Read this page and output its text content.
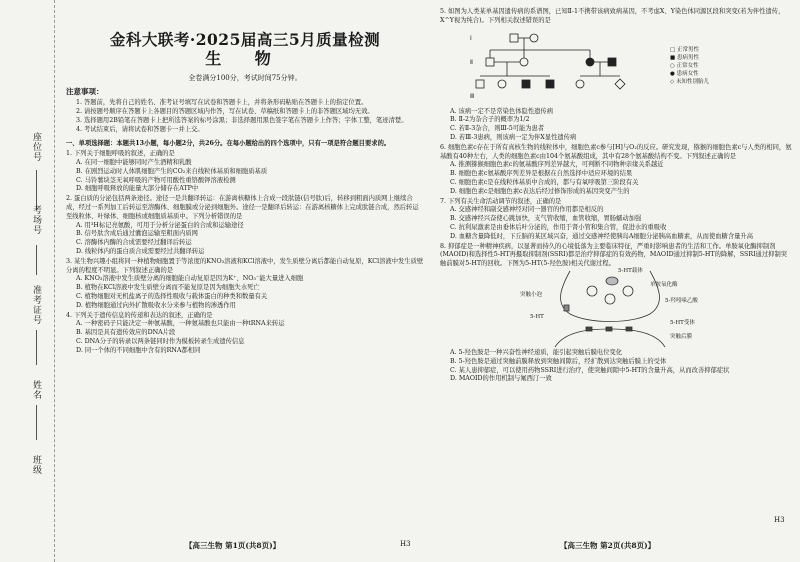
座位号
考场号
准考证号
姓名
班级
金科大联考·2025届高三5月质量检测
生 物
全卷满分100分，考试时间75分钟。
注意事项：

1. 答题前，先将自己的姓名、准考证号填写在试卷和答题卡上，并将条形码粘贴在答题卡上的指定位置。

2. 请按题号顺序在答题卡上各题目的答题区域内作答，写在试卷、草稿纸和答题卡上的非答题区域均无效。

3. 选择题用2B铅笔在答题卡上把所选答案的标号涂黑；非选择题用黑色签字笔在答题卡上作答；字体工整，笔迹清楚。

4. 考试结束后，请将试卷和答题卡一并上交。

一、单项选择题：本题共13小题，每小题2分，共26分。在每小题给出的四个选项中，只有一项是符合题目要求的。

1. 下列关于细胞呼吸的叙述，正确的是

A. 在同一细胞中能够同时产生酒精和乳酸

B. 在剧烈运动时人体肌细胞产生的CO₂来自线粒体基质和细胞质基质

C. 马铃薯块茎无氧呼吸的产物可用酸性重铬酸钾溶液检测

D. 细胞呼吸释放的能量大部分储存在ATP中

2. 蛋白质的分泌包括两条途径。途径一是共翻译转运：在游离核糖体上合成一段肽链(信号肽)后，转移到粗面内质网上继续合成，经过一系列加工后转运至溶酶体、细胞膜或分泌到细胞外。途径一是翻译后转运：在游离核糖体上完成肽链合成，然后转运至线粒体、叶绿体、细胞核或细胞质基质中。下列分析错误的是

A. 用³H标记亮氨酸，可用于分析分泌蛋白的合成和运输途径

B. 信号肽含成后通过囊泡运输至粗面内质网

C. 溶酶体内酶的合成需要经过翻译后转运

D. 线粒体内的蛋白质合成需要经过共翻译转运

3. 某生物兴趣小组将同一种植物细胞置于等浓度的KNO₃溶液和KCl溶液中，发生质壁分离后都能自动复原，KCl溶液中发生质壁分离的程度不明显。下列叙述正确的是

A. KNO₃溶液中发生质壁分离的细胞能自动复原是因为K⁺、NO₃⁻能大量进入细胞

B. 植物在KCl溶液中发生质壁分离而不能复原是因为细胞失水死亡

C. 植物细胞对无机盐离子的选择性吸收与载体蛋白的种类和数量有关

D. 植物细胞通过向外扩散吸收水分来参与植物的渗透作用

4. 下列关于遗传信息的传递和表达的叙述，正确的是

A. 一种密码子只能决定一种氨基酸，一种氨基酸也只能由一种tRNA来转运

B. 基因是具有遗传效应的DNA片段

C. DNA分子的转录以两条链同时作为模板转录生成遗传信息

D. 同一个体的不同细胞中含有的RNA都相同

【高三生物 第1页(共8页)】	H3

5. 如图为人类某单基因遗传病的系谱图，已知Ⅱ-1不携带该病致病基因，不考虑X、Y染色体同源区段和突变(若为伴性遗传，X^Y视为纯合)。下列相关叙述错误的是

Ⅰ
Ⅱ
Ⅲ
□ 正常男性
■ 患病男性
○ 正常女性
● 患病女性
◇ 未知性别胎儿

A. 该病一定不是常染色体隐性遗传病

B. Ⅱ-2为杂合子的概率为1/2

C. 若Ⅱ-3杂合，则Ⅲ-5可能为患者

D. 若Ⅲ-3患病，则该病一定为伴X显性遗传病

6. 细胞色素c存在于所有真核生物的线粒体中，细胞色素c参与[H]与O₂的反应。研究发现，猕猴的细胞色素c与人类的相同，氨基酸有40种左右，人类的细胞色素c由104个氨基酸组成，其中有28个氨基酸结构不变。下列叙述正确的是

A. 推测猕猴细胞色素c的氨基酸序列差异越大，可判断不同物种亲缘关系越近

B. 细胞色素c氨基酸序列差异是根据在自然选择中适应环境的结果

C. 细胞色素c是在线粒体基质中合成的，都与有氧呼吸第三阶段有关

D. 细胞色素c是细胞色素c表达后经过修饰形成的基因突变产生的

7. 下列有关生命活动调节的叙述，正确的是

A. 交感神经和副交感神经对同一器官的作用都是相反的

B. 交感神经兴奋使心跳加快，支气管收缩，血管收缩，胃肠蠕动加强

C. 抗利尿激素是由垂体后叶分泌的，作用于肾小管和集合管，促进水的重吸收

D. 血糖含量降低时，下丘脑的某区域兴奋，通过交感神经使胰岛A细胞分泌胰高血糖素，从而使血糖含量升高

8. 抑郁症是一种精神疾病，以显著而持久的心境低落为主要临床特征，严重时影响患者的生活和工作。单胺氧化酶抑制剂(MAOID)和选择性5-HT再摄取抑制剂(SSRI)都是治疗抑郁症的有效药物，MAOID通过抑制5-HT的降解，SSRI通过抑制突触前膜对5-HT的回收。下图为5-HT(5-羟色胺)相关代谢过程。

5-HT载体
突触小泡
单胺氧化酶
5-HT
5-羟吲哚乙酸
5-HT受体
突触后膜

A. 5-羟色胺是一种兴奋性神经递质，能引起突触后膜电位变化

B. 5-羟色胺是通过突触前膜释放到突触间隙后，经扩散到达突触后膜上的受体

C. 某人患抑郁症，可以使用药物SSRI进行治疗，使突触间隙中5-HT的含量升高，从而改善抑郁症状

D. MAOID的作用机制与氟西汀一致

【高三生物 第2页(共8页)】
H3
